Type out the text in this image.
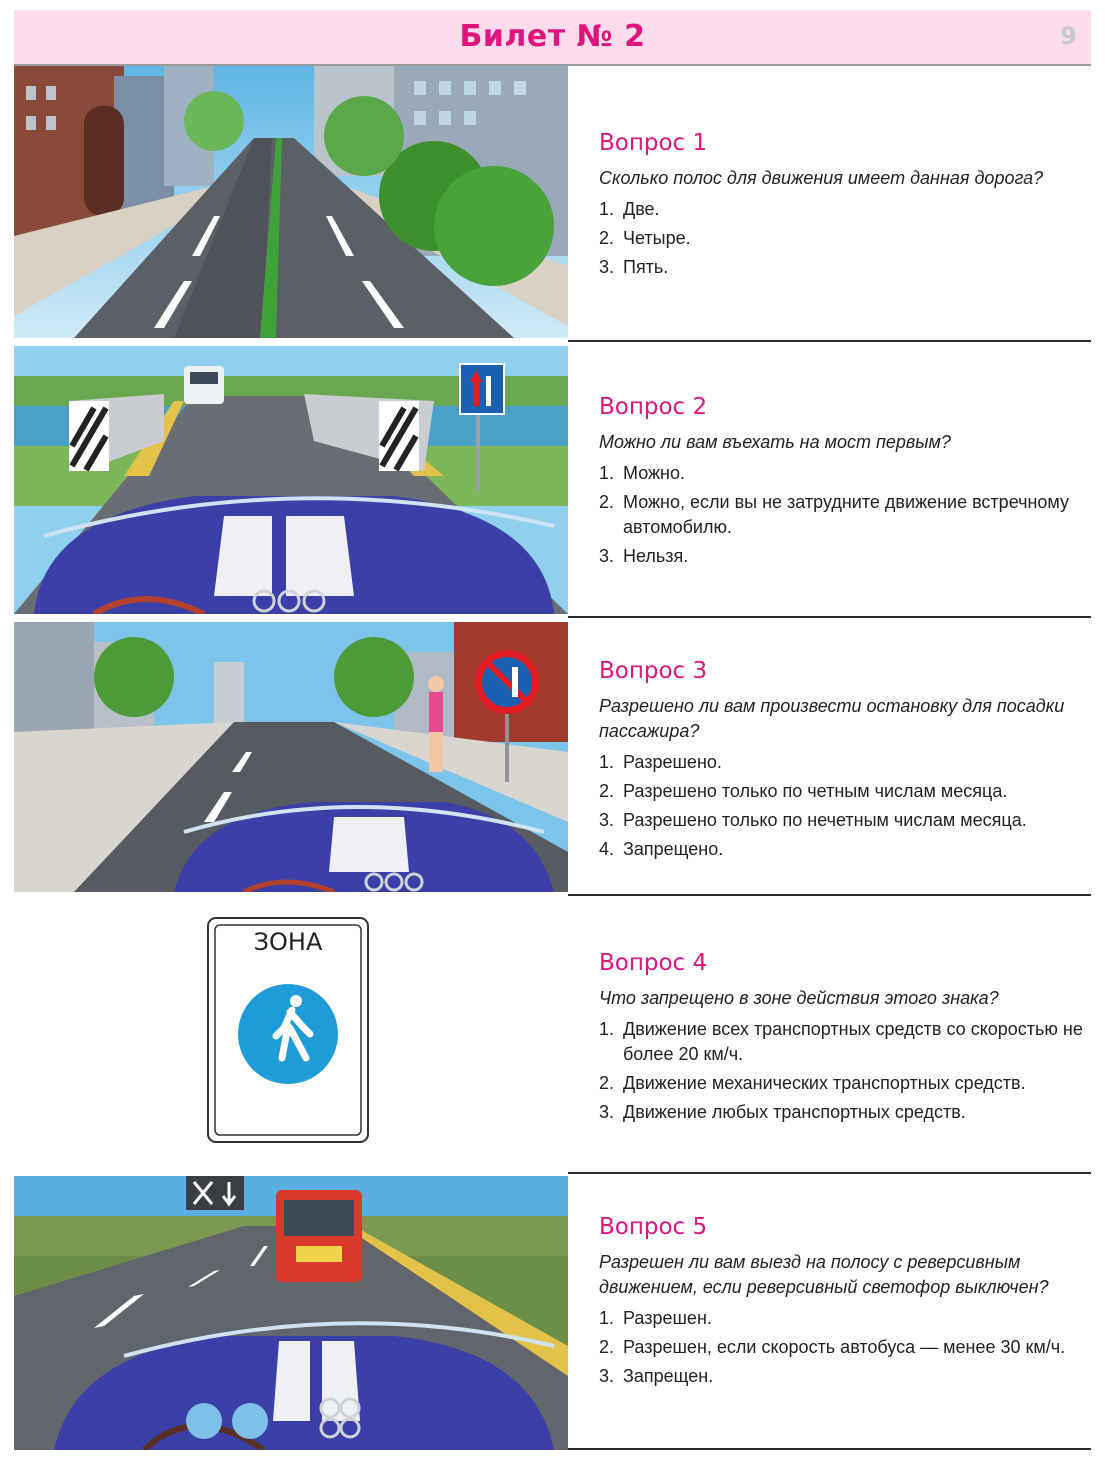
Билет № 2	9
Вопрос 1
Сколько полос для движения имеет данная дорога?
1. Две.
2. Четыре.
3. Пять.
Вопрос 2
Можно ли вам въехать на мост первым?
1. Можно.
2. Можно, если вы не затрудните движение встречному автомобилю.
3. Нельзя.
Вопрос 3
Разрешено ли вам произвести остановку для посадки пассажира?
1. Разрешено.
2. Разрешено только по четным числам месяца.
3. Разрешено только по нечетным числам месяца.
4. Запрещено.
ЗОНА
Вопрос 4
Что запрещено в зоне действия этого знака?
1. Движение всех транспортных средств со скоростью не более 20 км/ч.
2. Движение механических транспортных средств.
3. Движение любых транспортных средств.
Вопрос 5
Разрешен ли вам выезд на полосу с реверсивным движением, если реверсивный светофор выключен?
1. Разрешен.
2. Разрешен, если скорость автобуса — менее 30 км/ч.
3. Запрещен.
